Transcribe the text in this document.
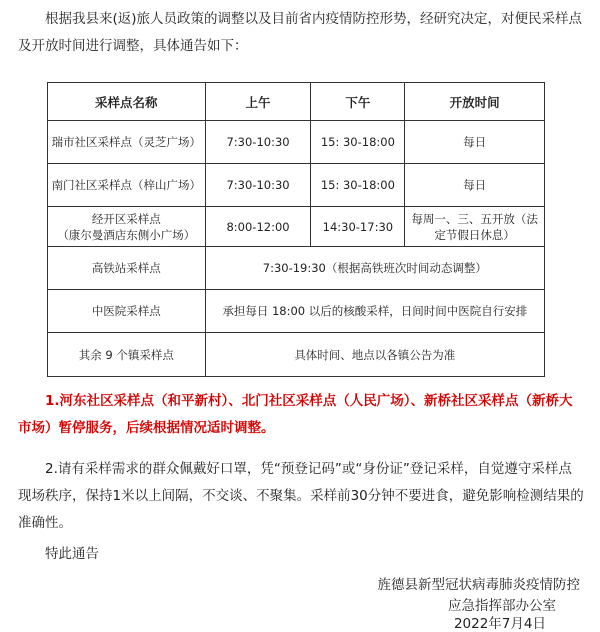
根据我县来(返)旅人员政策的调整以及目前省内疫情防控形势，经研究决定，对便民采样点及开放时间进行调整，具体通告如下：

采样点名称	上午	下午	开放时间
瑞市社区采样点（灵芝广场）	7:30-10:30	15: 30-18:00	每日
南门社区采样点（梓山广场）	7:30-10:30	15: 30-18:00	每日

经开区采样点
（康尔曼酒店东侧小广场）	8:00-12:00	14:30-17:30	每周一、三、五开放（法定节假日休息）
高铁站采样点	7:30-19:30（根据高铁班次时间动态调整）		
中医院采样点	承担每日 18:00 以后的核酸采样，日间时间中医院自行安排		
其余 9 个镇采样点	具体时间、地点以各镇公告为准		

1.河东社区采样点（和平新村）、北门社区采样点（人民广场）、新桥社区采样点（新桥大市场）暂停服务，后续根据情况适时调整。

2.请有采样需求的群众佩戴好口罩，凭“预登记码”或“身份证”登记采样，自觉遵守采样点现场秩序，保持1米以上间隔，不交谈、不聚集。采样前30分钟不要进食，避免影响检测结果的准确性。

特此通告
旌德县新型冠状病毒肺炎疫情防控
应急指挥部办公室
2022年7月4日
